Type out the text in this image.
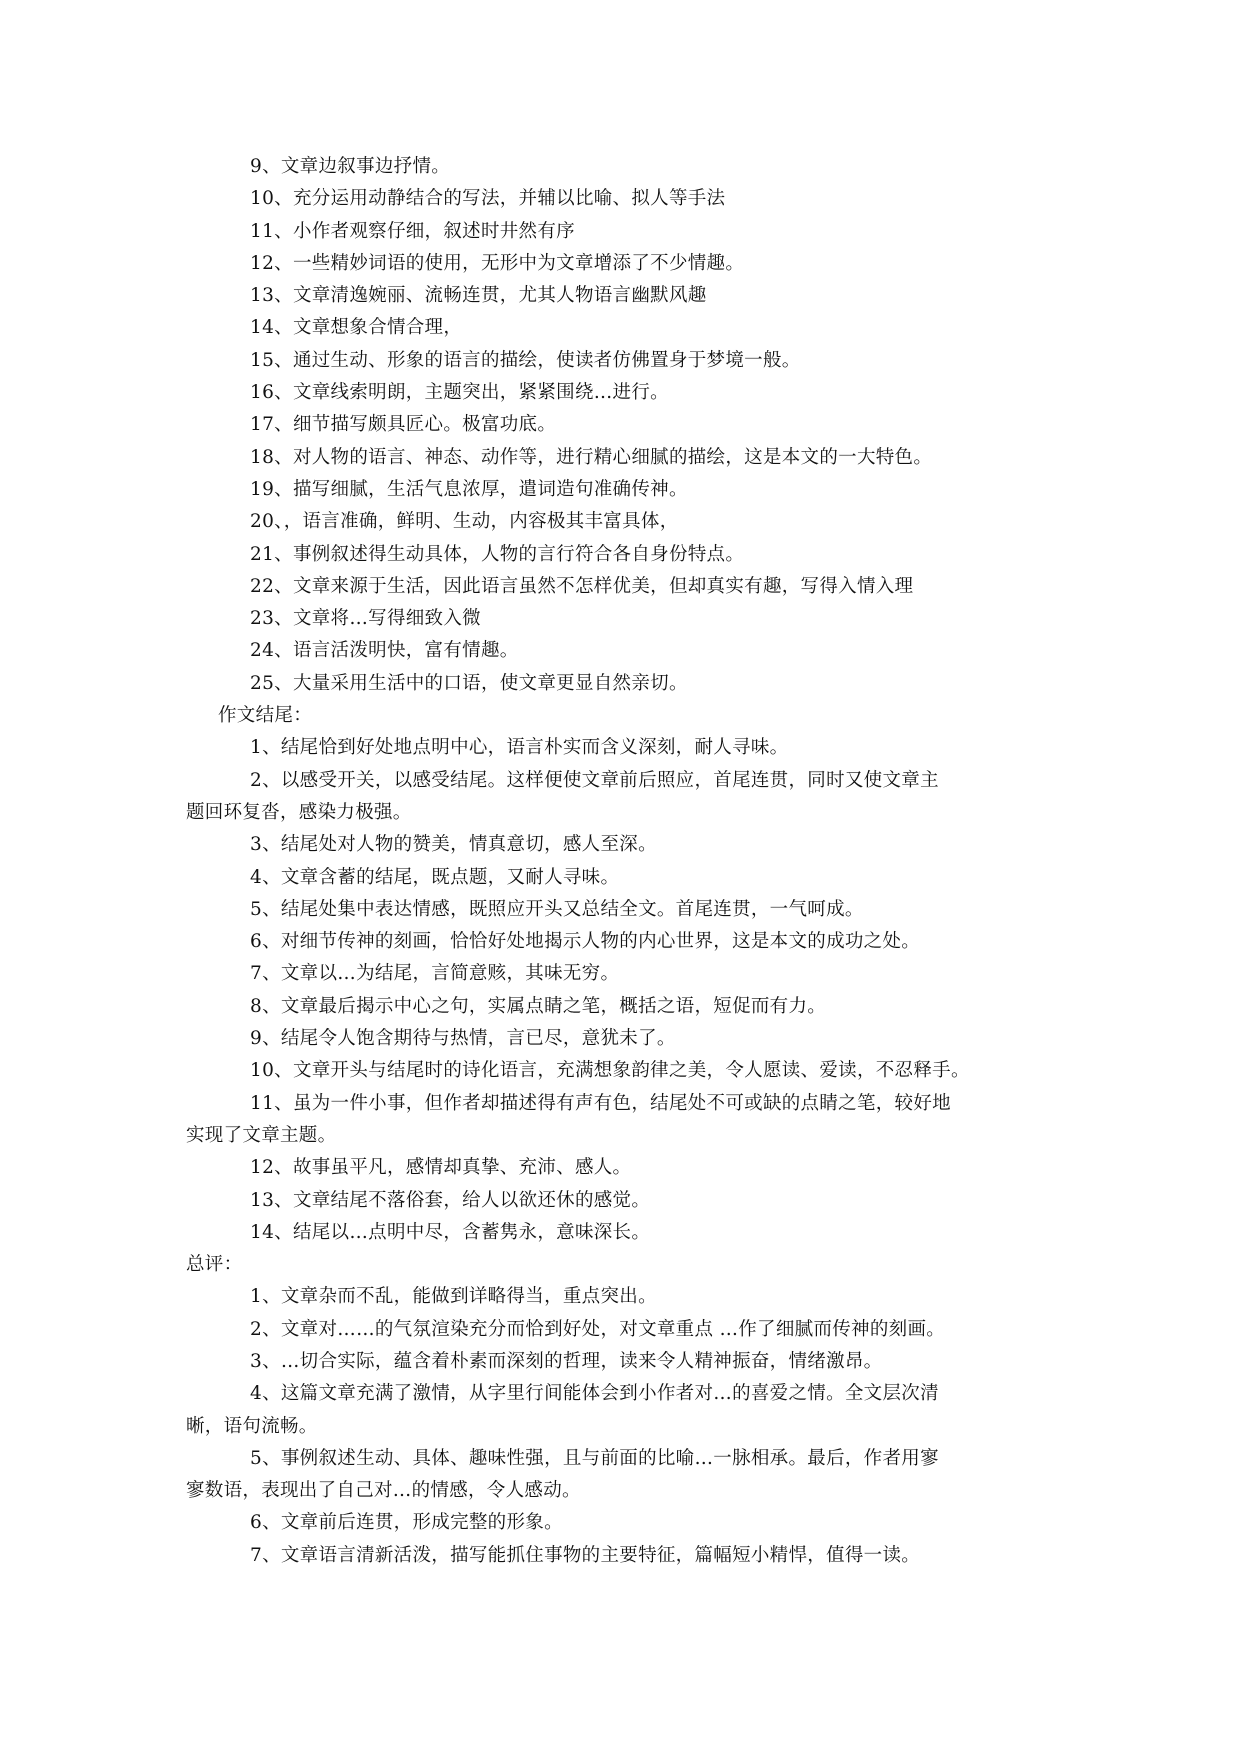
9、文章边叙事边抒情。
10、充分运用动静结合的写法，并辅以比喻、拟人等手法
11、小作者观察仔细，叙述时井然有序
12、一些精妙词语的使用，无形中为文章增添了不少情趣。
13、文章清逸婉丽、流畅连贯，尤其人物语言幽默风趣
14、文章想象合情合理，
15、通过生动、形象的语言的描绘，使读者仿佛置身于梦境一般。
16、文章线索明朗，主题突出，紧紧围绕…进行。
17、细节描写颇具匠心。极富功底。
18、对人物的语言、神态、动作等，进行精心细腻的描绘，这是本文的一大特色。
19、描写细腻，生活气息浓厚，遣词造句准确传神。
20、，语言准确，鲜明、生动，内容极其丰富具体，
21、事例叙述得生动具体，人物的言行符合各自身份特点。
22、文章来源于生活，因此语言虽然不怎样优美，但却真实有趣，写得入情入理
23、文章将…写得细致入微
24、语言活泼明快，富有情趣。
25、大量采用生活中的口语，使文章更显自然亲切。
作文结尾：
1、结尾恰到好处地点明中心，语言朴实而含义深刻，耐人寻味。
2、以感受开关，以感受结尾。这样便使文章前后照应，首尾连贯，同时又使文章主
题回环复沓，感染力极强。
3、结尾处对人物的赞美，情真意切，感人至深。
4、文章含蓄的结尾，既点题，又耐人寻味。
5、结尾处集中表达情感，既照应开头又总结全文。首尾连贯，一气呵成。
6、对细节传神的刻画，恰恰好处地揭示人物的内心世界，这是本文的成功之处。
7、文章以…为结尾，言简意赅，其味无穷。
8、文章最后揭示中心之句，实属点睛之笔，概括之语，短促而有力。
9、结尾令人饱含期待与热情，言已尽，意犹未了。
10、文章开头与结尾时的诗化语言，充满想象韵律之美，令人愿读、爱读，不忍释手。
11、虽为一件小事，但作者却描述得有声有色，结尾处不可或缺的点睛之笔，较好地
实现了文章主题。
12、故事虽平凡，感情却真挚、充沛、感人。
13、文章结尾不落俗套，给人以欲还休的感觉。
14、结尾以…点明中尽，含蓄隽永，意味深长。
总评：
1、文章杂而不乱，能做到详略得当，重点突出。
2、文章对……的气氛渲染充分而恰到好处，对文章重点 …作了细腻而传神的刻画。
3、…切合实际，蕴含着朴素而深刻的哲理，读来令人精神振奋，情绪激昂。
4、这篇文章充满了激情，从字里行间能体会到小作者对…的喜爱之情。全文层次清
晰，语句流畅。
5、事例叙述生动、具体、趣味性强，且与前面的比喻…一脉相承。最后，作者用寥
寥数语，表现出了自己对…的情感，令人感动。
6、文章前后连贯，形成完整的形象。
7、文章语言清新活泼，描写能抓住事物的主要特征，篇幅短小精悍，值得一读。
